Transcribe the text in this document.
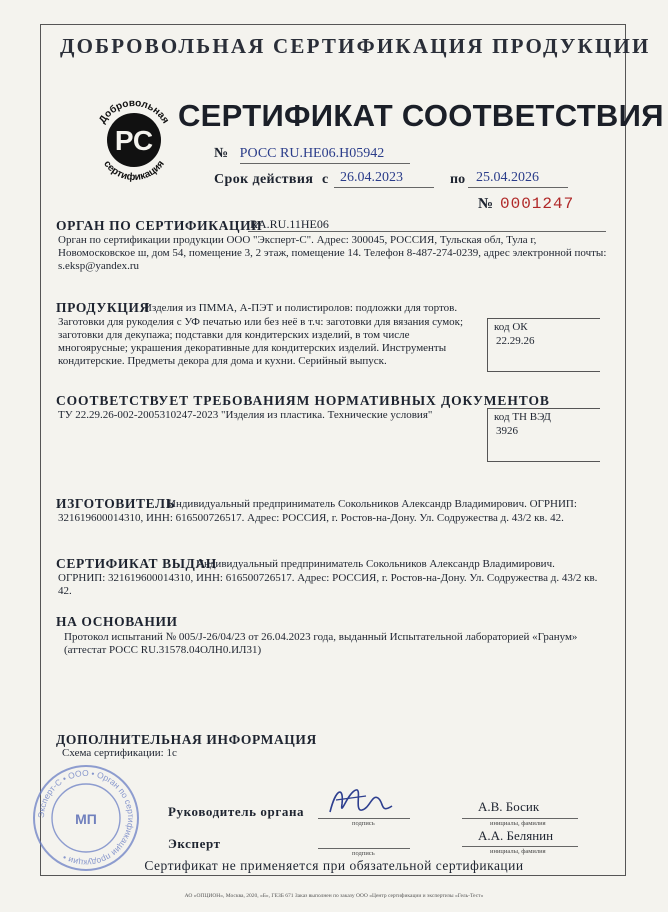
ДОБРОВОЛЬНАЯ СЕРТИФИКАЦИЯ ПРОДУКЦИИ
РС
Добровольная
сертификация
СЕРТИФИКАТ СООТВЕТСТВИЯ
№ РОСС RU.HE06.H05942
Срок действия с 26.04.2023	по 25.04.2026
№ 0001247
ОРГАН ПО СЕРТИФИКАЦИИ
RA.RU.11HE06
Орган по сертификации продукции ООО "Эксперт-С". Адрес: 300045, РОССИЯ, Тульская обл, Тула г,
Новомосковское ш, дом 54, помещение 3, 2 этаж, помещение 14. Телефон 8-487-274-0239, адрес электронной почты:
s.eksp@yandex.ru
ПРОДУКЦИЯ
Изделия из ПММА, А-ПЭТ и полистиролов: подложки для тортов.
Заготовки для рукоделия с УФ печатью или без неё в т.ч: заготовки для вязания сумок;
заготовки для декупажа; подставки для кондитерских изделий, в том числе
многоярусные; украшения декоративные для кондитерских изделий. Инструменты
кондитерские. Предметы декора для дома и кухни. Серийный выпуск.
код ОК
22.29.26
СООТВЕТСТВУЕТ ТРЕБОВАНИЯМ НОРМАТИВНЫХ ДОКУМЕНТОВ
ТУ 22.29.26-002-2005310247-2023 "Изделия из пластика. Технические условия"	код ТН ВЭД
3926
ИЗГОТОВИТЕЛЬ
Индивидуальный предприниматель Сокольников Александр Владимирович. ОГРНИП:
321619600014310, ИНН: 616500726517. Адрес: РОССИЯ, г. Ростов-на-Дону. Ул. Содружества д. 43/2 кв. 42.
СЕРТИФИКАТ ВЫДАН
Индивидуальный предприниматель Сокольников Александр Владимирович.
ОГРНИП: 321619600014310, ИНН: 616500726517. Адрес: РОССИЯ, г. Ростов-на-Дону. Ул. Содружества д. 43/2 кв.
42.
НА ОСНОВАНИИ
Протокол испытаний № 005/J-26/04/23 от 26.04.2023 года, выданный Испытательной лабораторией «Гранум»
(аттестат РОСС RU.31578.04ОЛН0.ИЛ31)
ДОПОЛНИТЕЛЬНАЯ ИНФОРМАЦИЯ
Схема сертификации: 1с
Эксперт-С • ООО • Орган по сертификации продукции •
МП	Руководитель органа
подпись
А.В. Босик
инициалы, фамилия
Эксперт
подпись
А.А. Белянин
инициалы, фамилия
Сертификат не применяется при обязательной сертификации
АО «ОПЦИОН», Москва, 2020, «Б», ГЕЗБ 671 Заказ выполнен по заказу ООО «Центр сертификации и экспертизы «Гель-Тест»
